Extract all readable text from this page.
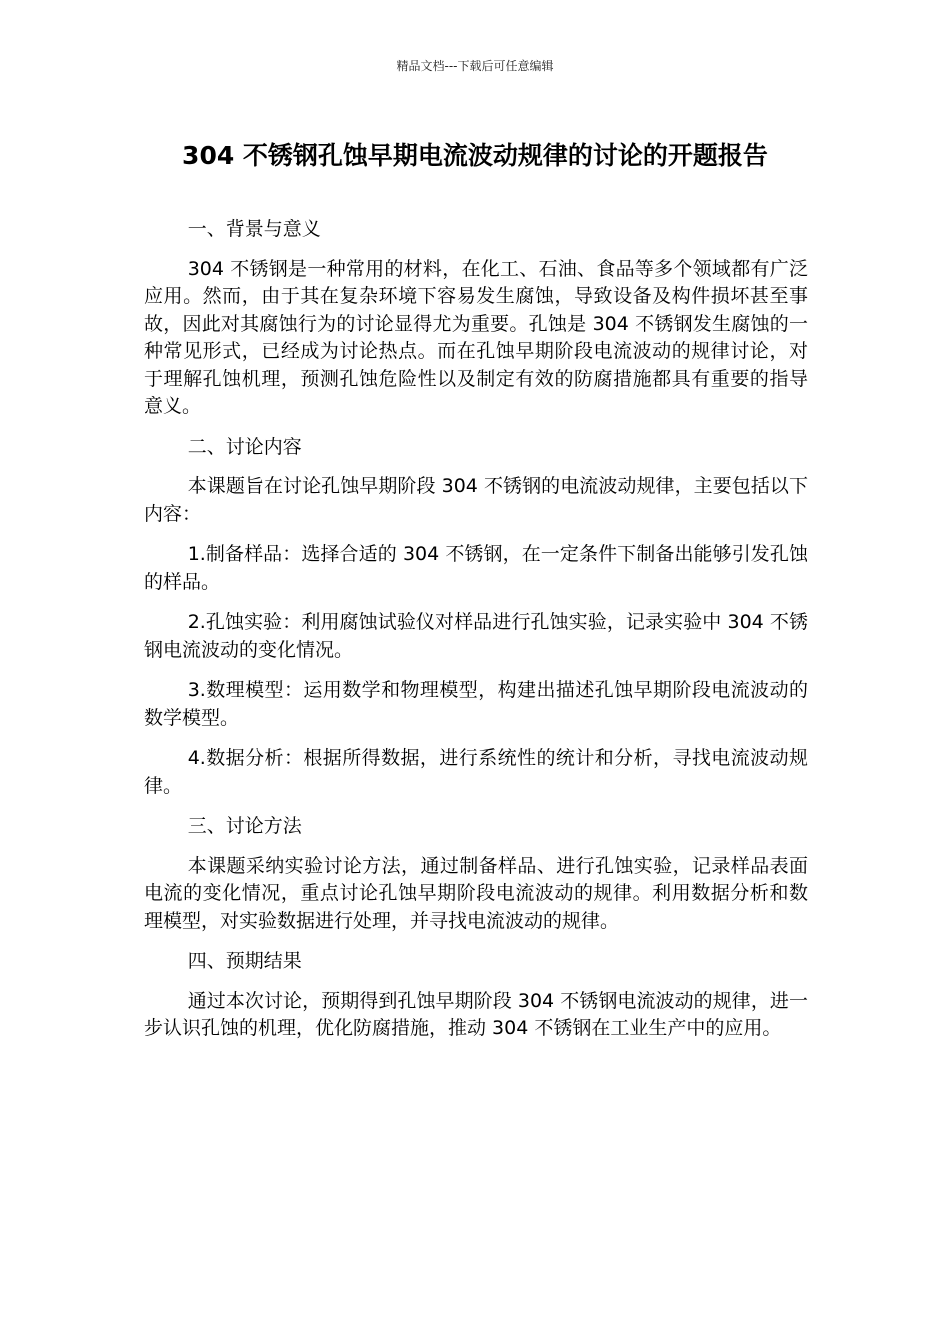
精品文档---下载后可任意编辑
304 不锈钢孔蚀早期电流波动规律的讨论的开题报告

一、背景与意义

304 不锈钢是一种常用的材料，在化工、石油、食品等多个领域都有广泛应用。然而，由于其在复杂环境下容易发生腐蚀，导致设备及构件损坏甚至事故，因此对其腐蚀行为的讨论显得尤为重要。孔蚀是 304 不锈钢发生腐蚀的一种常见形式，已经成为讨论热点。而在孔蚀早期阶段电流波动的规律讨论，对于理解孔蚀机理，预测孔蚀危险性以及制定有效的防腐措施都具有重要的指导意义。

二、讨论内容

本课题旨在讨论孔蚀早期阶段 304 不锈钢的电流波动规律，主要包括以下内容：

1.制备样品：选择合适的 304 不锈钢，在一定条件下制备出能够引发孔蚀的样品。

2.孔蚀实验：利用腐蚀试验仪对样品进行孔蚀实验，记录实验中 304 不锈钢电流波动的变化情况。

3.数理模型：运用数学和物理模型，构建出描述孔蚀早期阶段电流波动的数学模型。

4.数据分析：根据所得数据，进行系统性的统计和分析，寻找电流波动规律。

三、讨论方法

本课题采纳实验讨论方法，通过制备样品、进行孔蚀实验，记录样品表面电流的变化情况，重点讨论孔蚀早期阶段电流波动的规律。利用数据分析和数理模型，对实验数据进行处理，并寻找电流波动的规律。

四、预期结果

通过本次讨论，预期得到孔蚀早期阶段 304 不锈钢电流波动的规律，进一步认识孔蚀的机理，优化防腐措施，推动 304 不锈钢在工业生产中的应用。
